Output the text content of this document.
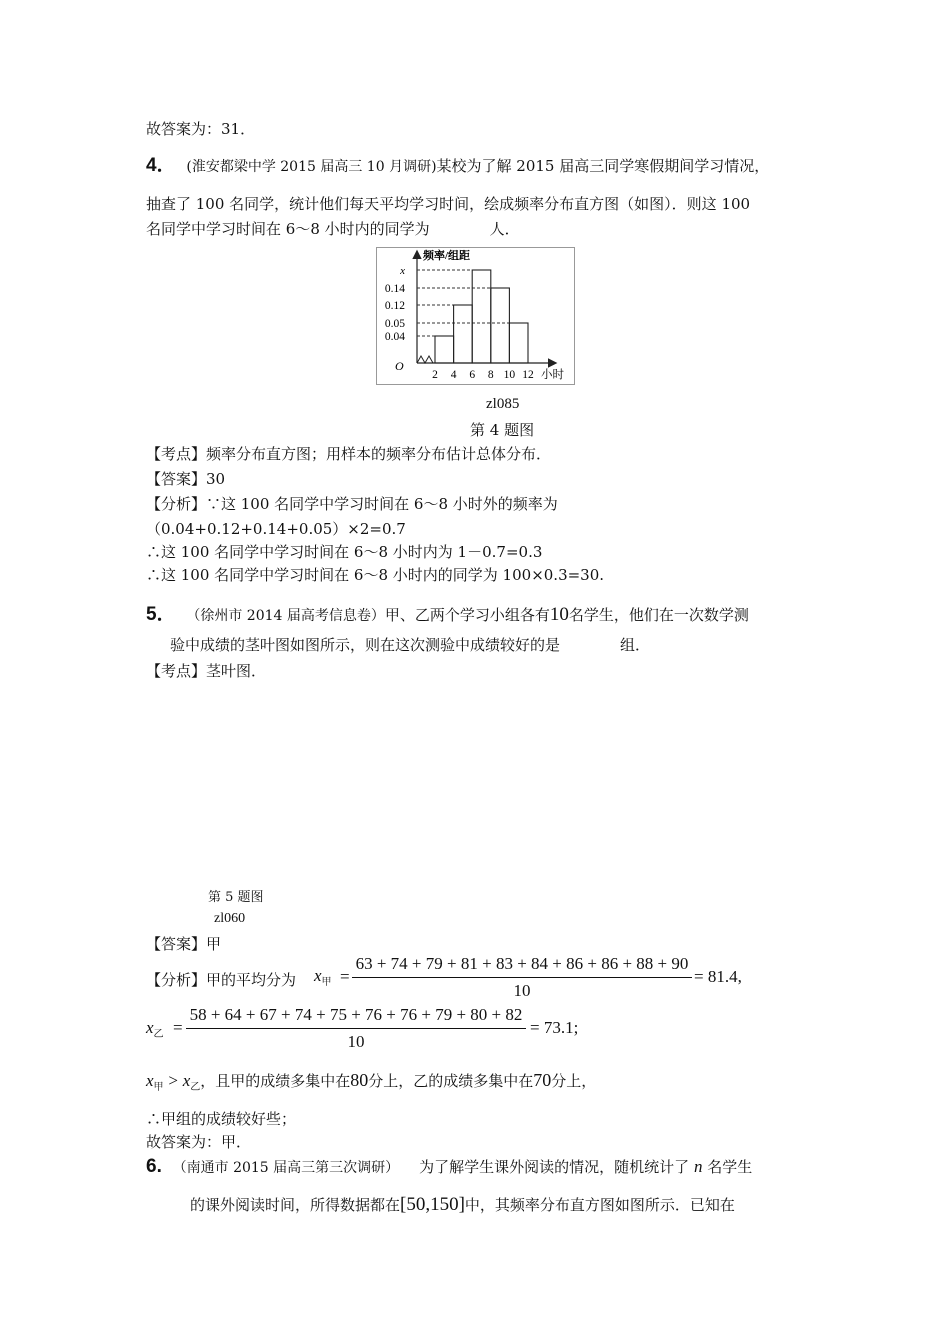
故答案为：31．
4． (淮安都梁中学 2015 届高三 10 月调研)某校为了解 2015 届高三同学寒假期间学习情况，
抽查了 100 名同学，统计他们每天平均学习时间，绘成频率分布直方图（如图）．则这 100
名同学中学习时间在 6～8 小时内的同学为	人．
x
0.14
0.12
0.05
0.04
2 4 6 8 10 12
频率/组距
小时
O
zl085
第 4 题图
【考点】频率分布直方图；用样本的频率分布估计总体分布．
【答案】30
【分析】∵这 100 名同学中学习时间在 6～8 小时外的频率为
（0.04+0.12+0.14+0.05）×2=0.7
∴这 100 名同学中学习时间在 6～8 小时内为 1－0.7=0.3
∴这 100 名同学中学习时间在 6～8 小时内的同学为 100×0.3=30.
5． （徐州市 2014 届高考信息卷）甲、乙两个学习小组各有10名学生，他们在一次数学测
验中成绩的茎叶图如图所示，则在这次测验中成绩较好的是	组．
【考点】茎叶图．
第 5 题图
zl060
【答案】甲
【分析】甲的平均分为 $x_甲$ =
63 + 74 + 79 + 81 + 83 + 84 + 86 + 86 + 88 + 90
10
= 81.4,
$x_乙$ =
58 + 64 + 67 + 74 + 75 + 76 + 76 + 79 + 80 + 82
10
= 73.1;
$x_甲 > x_乙$，且甲的成绩多集中在80分上，乙的成绩多集中在70分上，
∴甲组的成绩较好些；
故答案为：甲．
6. （南通市 2015 届高三第三次调研） 为了解学生课外阅读的情况，随机统计了 n 名学生
的课外阅读时间，所得数据都在[50,150]中，其频率分布直方图如图所示．已知在
